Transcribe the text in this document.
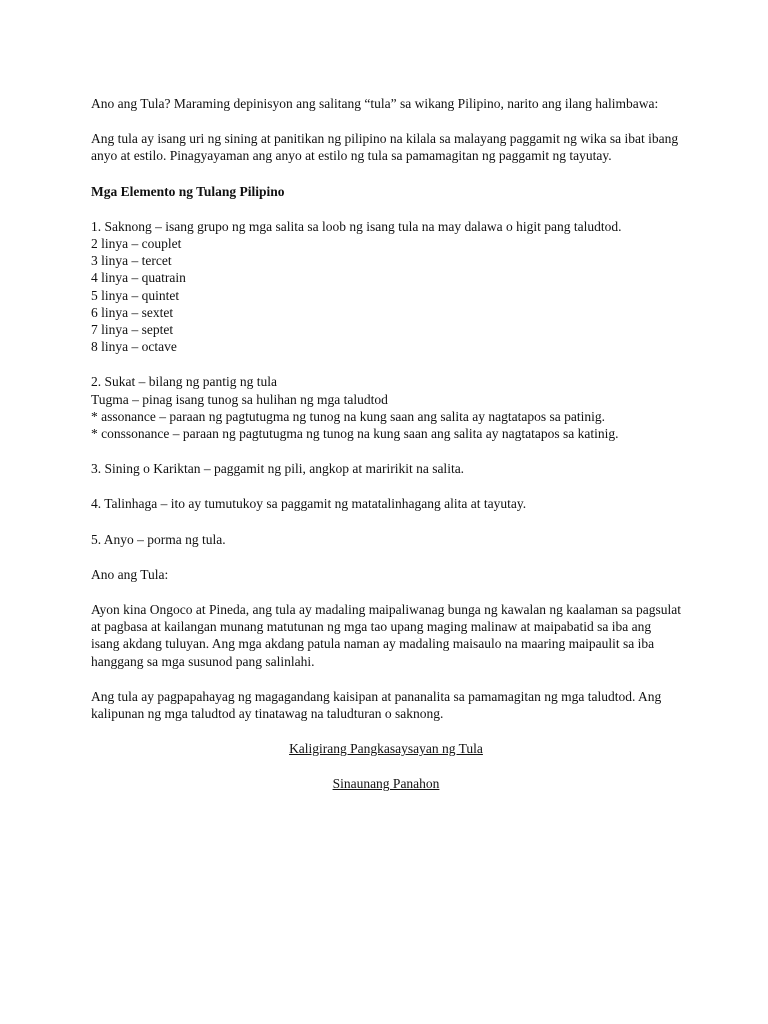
Ano ang Tula? Maraming depinisyon ang salitang “tula” sa wikang Pilipino, narito ang ilang halimbawa:

Ang tula ay isang uri ng sining at panitikan ng pilipino na kilala sa malayang paggamit ng wika sa ibat ibang anyo at estilo. Pinagyayaman ang anyo at estilo ng tula sa pamamagitan ng paggamit ng tayutay.

Mga Elemento ng Tulang Pilipino

1. Saknong – isang grupo ng mga salita sa loob ng isang tula na may dalawa o higit pang taludtod.
2 linya – couplet
3 linya – tercet
4 linya – quatrain
5 linya – quintet
6 linya – sextet
7 linya – septet
8 linya – octave
2. Sukat – bilang ng pantig ng tula
Tugma – pinag isang tunog sa hulihan ng mga taludtod
* assonance – paraan ng pagtutugma ng tunog na kung saan ang salita ay nagtatapos sa patinig.
* conssonance – paraan ng pagtutugma ng tunog na kung saan ang salita ay nagtatapos sa katinig.

3. Sining o Kariktan – paggamit ng pili, angkop at maririkit na salita.

4. Talinhaga – ito ay tumutukoy sa paggamit ng matatalinhagang alita at tayutay.

5. Anyo – porma ng tula.

Ano ang Tula:

Ayon kina Ongoco at Pineda, ang tula ay madaling maipaliwanag bunga ng kawalan ng kaalaman sa pagsulat at pagbasa at kailangan munang matutunan ng mga tao upang maging malinaw at maipabatid sa iba ang isang akdang tuluyan. Ang mga akdang patula naman ay madaling maisaulo na maaring maipaulit sa iba hanggang sa mga susunod pang salinlahi.

Ang tula ay pagpapahayag ng magagandang kaisipan at pananalita sa pamamagitan ng mga taludtod. Ang kalipunan ng mga taludtod ay tinatawag na taludturan o saknong.

Kaligirang Pangkasaysayan ng Tula

Sinaunang Panahon
